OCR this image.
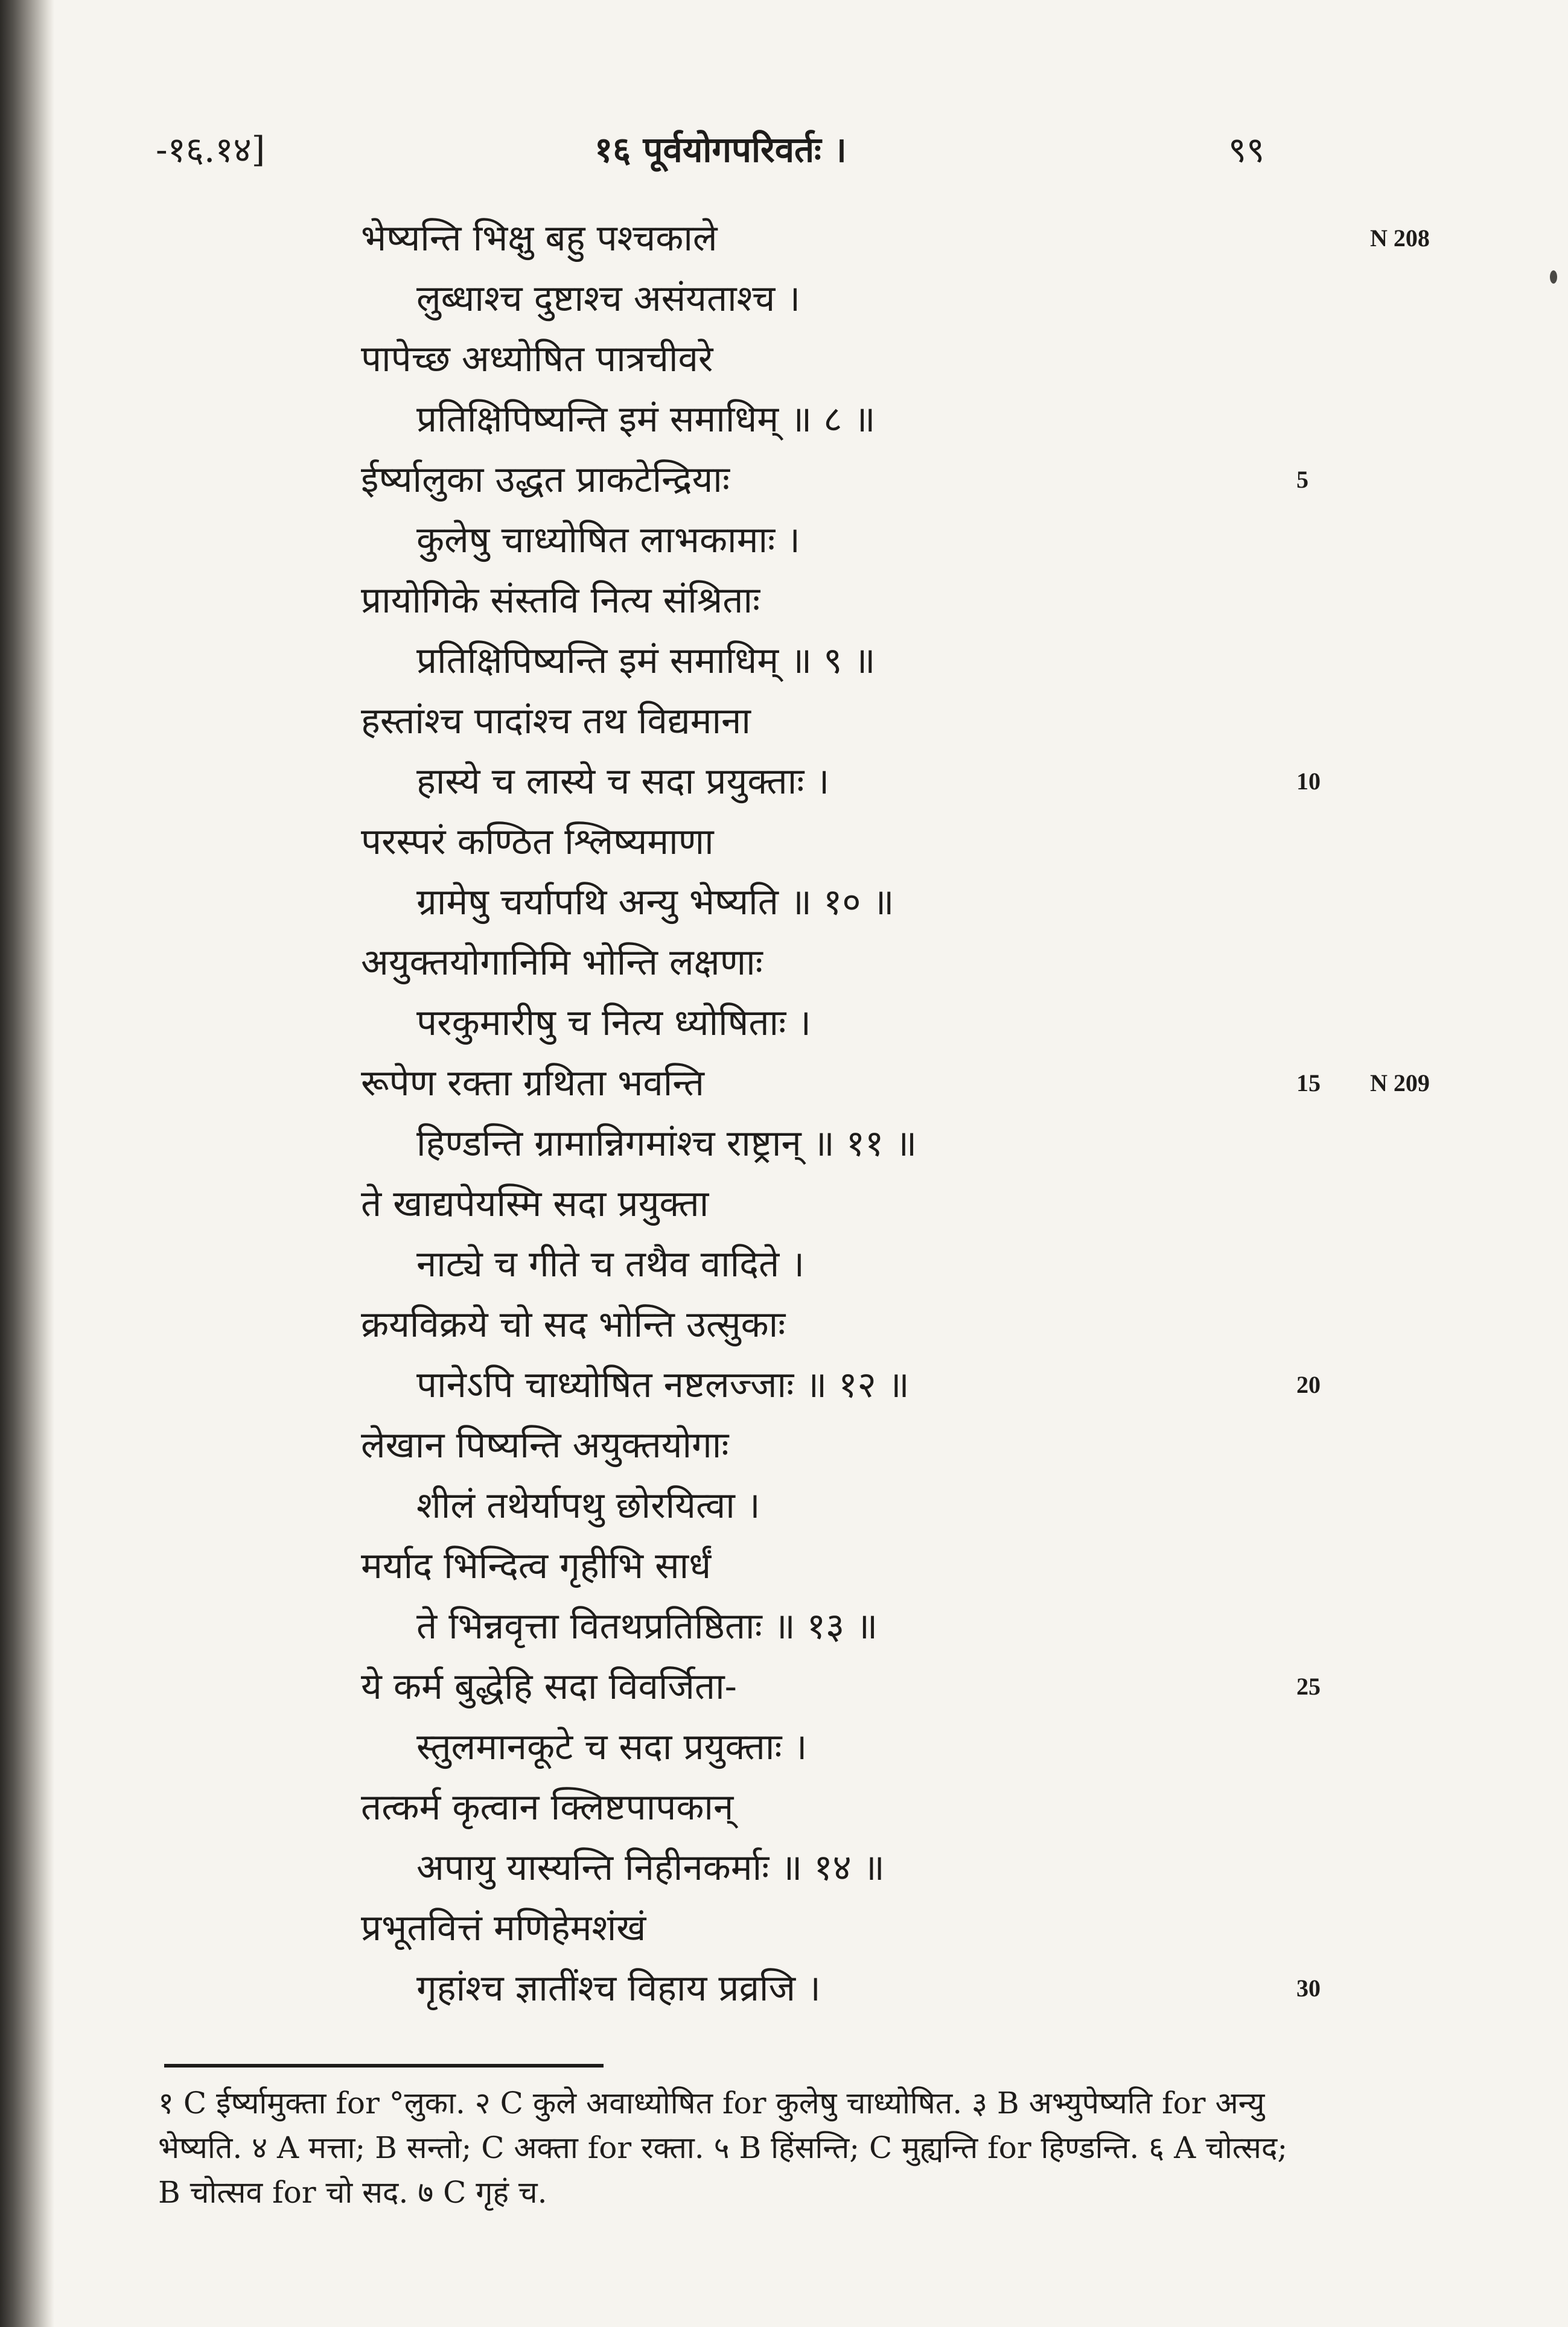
-१६.१४]	१६ पूर्वयोगपरिवर्तः ।	९९
भेष्यन्ति भिक्षु बहु पश्चकाले
लुब्धाश्च दुष्टाश्च असंयताश्च ।
पापेच्छ अध्योषित पात्रचीवरे
प्रतिक्षिपिष्यन्ति इमं समाधिम् ॥ ८ ॥
ईर्ष्यालुका उद्धत प्राकटेन्द्रियाः
कुलेषु चाध्योषित लाभकामाः ।
प्रायोगिके संस्तवि नित्य संश्रिताः
प्रतिक्षिपिष्यन्ति इमं समाधिम् ॥ ९ ॥
हस्तांश्च पादांश्च तथ विद्यमाना
हास्ये च लास्ये च सदा प्रयुक्ताः ।
परस्परं कण्ठित श्लिष्यमाणा
ग्रामेषु चर्यापथि अन्यु भेष्यति ॥ १० ॥
अयुक्तयोगानिमि भोन्ति लक्षणाः
परकुमारीषु च नित्य ध्योषिताः ।
रूपेण रक्ता ग्रथिता भवन्ति
हिण्डन्ति ग्रामान्निगमांश्च राष्ट्रान् ॥ ११ ॥
ते खाद्यपेयस्मि सदा प्रयुक्ता
नाट्ये च गीते च तथैव वादिते ।
क्रयविक्रये चो सद भोन्ति उत्सुकाः
पानेऽपि चाध्योषित नष्टलज्जाः ॥ १२ ॥
लेखान पिष्यन्ति अयुक्तयोगाः
शीलं तथेर्यापथु छोरयित्वा ।
मर्याद भिन्दित्व गृहीभि सार्धं
ते भिन्नवृत्ता वितथप्रतिष्ठिताः ॥ १३ ॥
ये कर्म बुद्धेहि सदा विवर्जिता-
स्तुलमानकूटे च सदा प्रयुक्ताः ।
तत्कर्म कृत्वान क्लिष्टपापकान्
अपायु यास्यन्ति निहीनकर्माः ॥ १४ ॥
प्रभूतवित्तं मणिहेमशंखं
गृहांश्च ज्ञातींश्च विहाय प्रव्रजि ।
N 208
5
10
15 N 209
20
25
30
१ C ईर्ष्यामुक्ता for °लुका. २ C कुले अवाध्योषित for कुलेषु चाध्योषित. ३ B अभ्युपेष्यति for अन्यु
भेष्यति. ४ A मत्ता; B सन्तो; C अक्ता for रक्ता. ५ B हिंसन्ति; C मुह्यन्ति for हिण्डन्ति. ६ A चोत्सद;
B चोत्सव for चो सद. ७ C गृहं च.
